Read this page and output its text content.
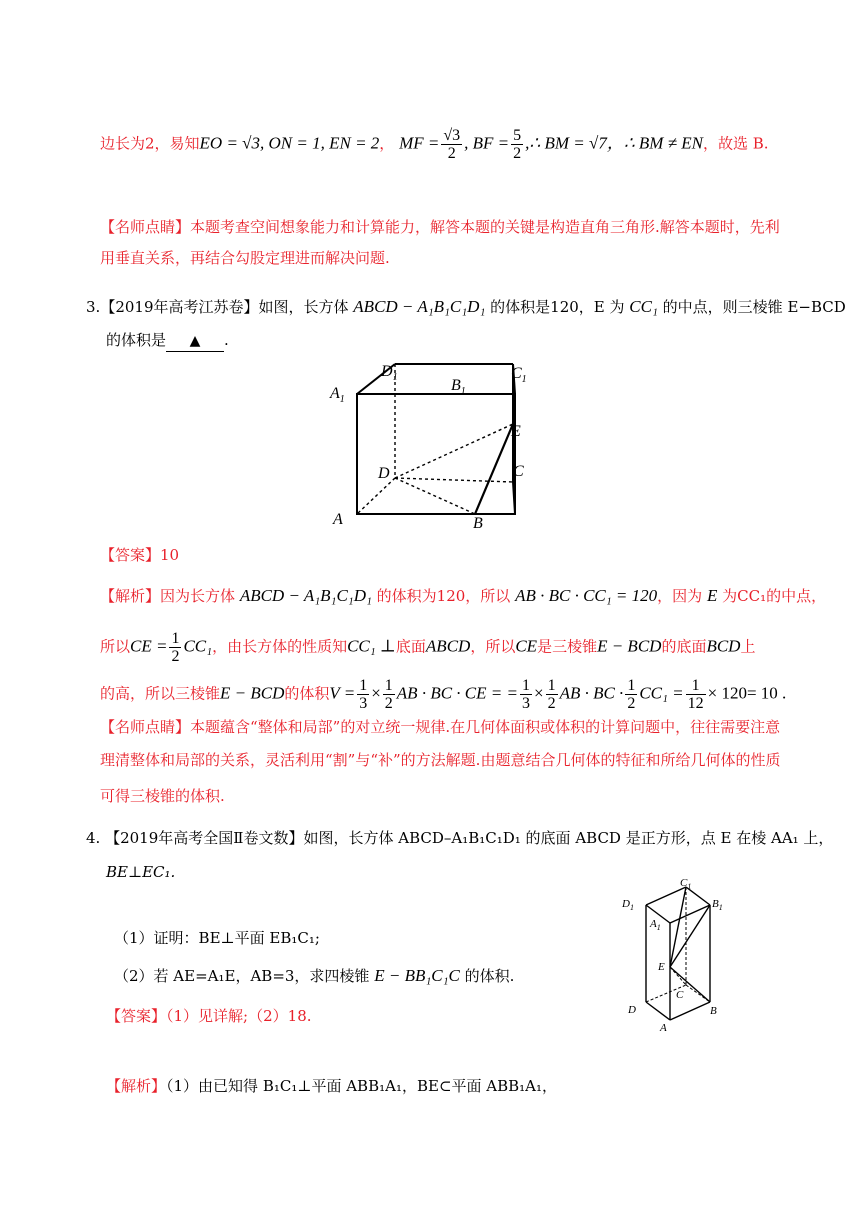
边长为2，易知EO = √3, ON = 1, EN = 2， MF = $\frac{√3}{2}$ , BF = $\frac{5}{2}$ ,∴ BM = √7，∴ BM ≠ EN，故选 B.
【名师点睛】本题考查空间想象能力和计算能力，解答本题的关键是构造直角三角形.解答本题时，先利
用垂直关系，再结合勾股定理进而解决问题.
3.【2019年高考江苏卷】如图，长方体 ABCD − A₁B₁C₁D₁ 的体积是120，E 为 CC₁ 的中点，则三棱锥 E−BCD
的体积是 ▲ .
$D_1$	$C_1$
$A_1$
$B_1$
E
D	C
A	B
【答案】10
【解析】因为长方体 ABCD − A₁B₁C₁D₁ 的体积为120，所以 AB · BC · CC₁ = 120，因为 E 为CC₁的中点，
所以CE = $\frac{1}{2} CC_1$，由长方体的性质知CC₁ ⊥底面ABCD，所以CE是三棱锥E − BCD的底面BCD上
的高，所以三棱锥E − BCD的体积$V = \frac{1}{3} \times \frac{1}{2}$ AB · BC · CE = = $\frac{1}{3} \times \frac{1}{2}$ AB · BC · $\frac{1}{2} CC_1 = \frac{1}{12} \times 120= 10$ .
【名师点睛】本题蕴含“整体和局部”的对立统一规律.在几何体面积或体积的计算问题中，往往需要注意
理清整体和局部的关系，灵活利用“割”与“补”的方法解题.由题意结合几何体的特征和所给几何体的性质
可得三棱锥的体积.
4. 【2019年高考全国Ⅱ卷文数】如图，长方体 ABCD–A₁B₁C₁D₁ 的底面 ABCD 是正方形，点 E 在棱 AA₁ 上，
BE⊥EC₁.
（1）证明：BE⊥平面 EB₁C₁;
（2）若 AE=A₁E，AB=3，求四棱锥 E − BB₁C₁C 的体积.
【答案】（1）见详解;（2）18.
【解析】（1）由已知得 B₁C₁⊥平面 ABB₁A₁，BE⊂平面 ABB₁A₁，
$D_1$
$C_1$
$B_1$
$A_1$
E
C
D
A
B
